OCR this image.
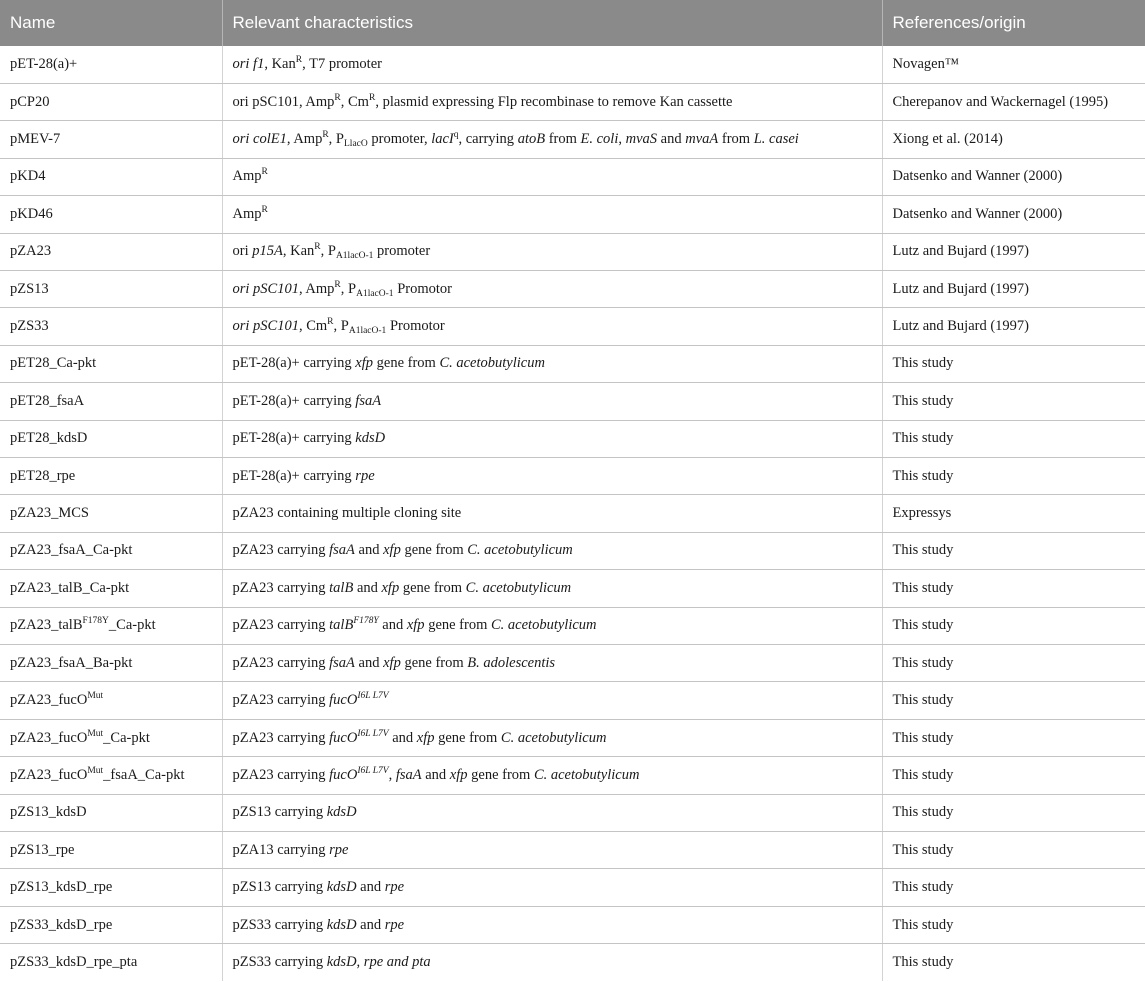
Name	Relevant characteristics	References/origin
pET-28(a)+	ori f1, Kan$^R$, T7 promoter	Novagen™
pCP20	ori pSC101, Amp$^R$, $Cm^R$, plasmid expressing Flp recombinase to remove Kan cassette	Cherepanov and Wackernagel (1995)
pMEV-7	ori colE1, Amp$^R$, $P_{LlacO}$ promoter, lacI$^q$, carrying atoB from E. coli, mvaS and mvaA from L. casei	Xiong et al. (2014)
pKD4	Amp$^R$	Datsenko and Wanner (2000)
pKD46	Amp$^R$	Datsenko and Wanner (2000)
pZA23	ori p15A, Kan$^R$, $P_{A1lacO-1}$ promoter	Lutz and Bujard (1997)
pZS13	ori pSC101, Amp$^R$, $P_{A1lacO-1}$ Promotor	Lutz and Bujard (1997)
pZS33	ori pSC101, $Cm^R$, $P_{A1lacO-1}$ Promotor	Lutz and Bujard (1997)
pET28_Ca-pkt	pET-28(a)+ carrying xfp gene from C. acetobutylicum	This study
pET28_fsaA	pET-28(a)+ carrying fsaA	This study
pET28_kdsD	pET-28(a)+ carrying kdsD	This study
pET28_rpe	pET-28(a)+ carrying rpe	This study
pZA23_MCS	pZA23 containing multiple cloning site	Expressys
pZA23_fsaA_Ca-pkt	pZA23 carrying fsaA and xfp gene from C. acetobutylicum	This study
pZA23_talB_Ca-pkt	pZA23 carrying talB and xfp gene from C. acetobutylicum	This study
pZA23_talB$^{F178Y}$_Ca-pkt	pZA23 carrying talB$^{F178Y}$ and xfp gene from C. acetobutylicum	This study
pZA23_fsaA_Ba-pkt	pZA23 carrying fsaA and xfp gene from B. adolescentis	This study
pZA23_fucO$^{Mut}$	pZA23 carrying fucO$^{I6L L7V}$	This study
pZA23_fucO$^{Mut}$_Ca-pkt	pZA23 carrying fucO$^{I6L L7V}$ and xfp gene from C. acetobutylicum	This study
pZA23_fucO$^{Mut}$_fsaA_Ca-pkt	pZA23 carrying fucO$^{I6L L7V}$, fsaA and xfp gene from C. acetobutylicum	This study
pZS13_kdsD	pZS13 carrying kdsD	This study
pZS13_rpe	pZA13 carrying rpe	This study
pZS13_kdsD_rpe	pZS13 carrying kdsD and rpe	This study
pZS33_kdsD_rpe	pZS33 carrying kdsD and rpe	This study
pZS33_kdsD_rpe_pta	pZS33 carrying kdsD, rpe and pta	This study
